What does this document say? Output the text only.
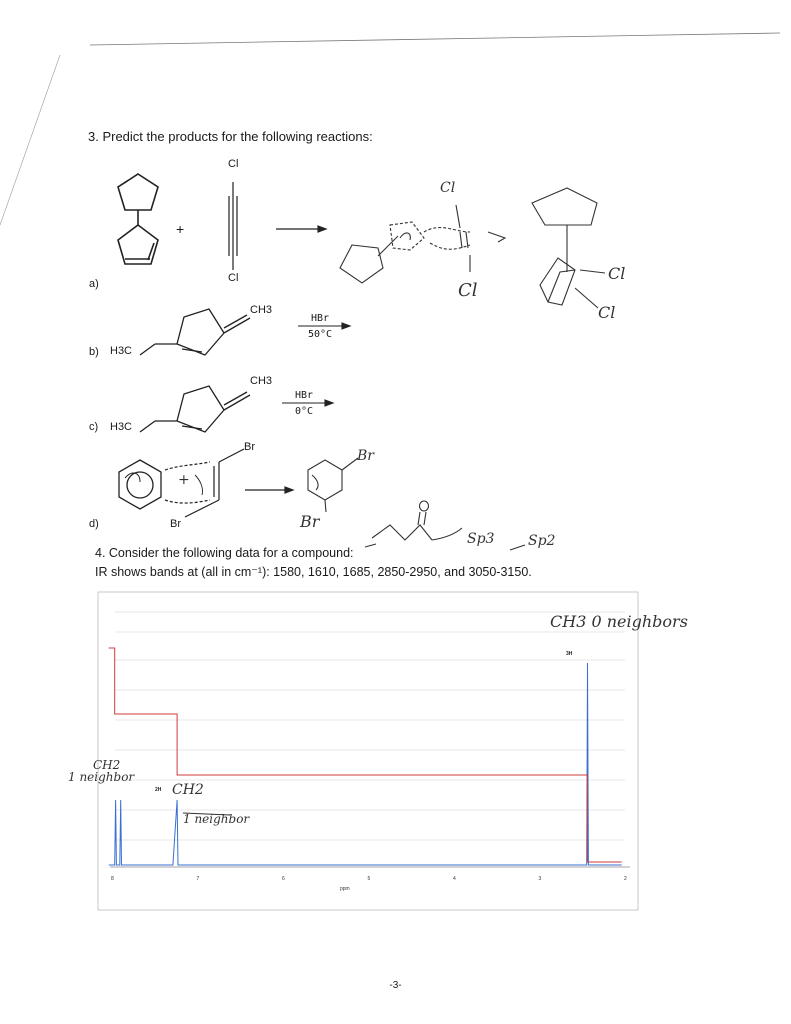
3. Predict the products for the following reactions:
a)
+
Cl
Cl
Cl
Cl
Cl
Cl
b) H3C
CH3
HBr
50°C
c) H3C
CH3
HBr
0°C
d)
Br
Br
+
Br
Br
4. Consider the following data for a compound:
IR shows bands at (all in cm⁻¹): 1580, 1610, 1685, 2850-2950, and 3050-3150.
Sp3 Sp2
CH3 0 neighbors
3H
2H
CH2
1 neighbor
CH2
1 neighbor
ppm
8	7	6	5	4	3	2
-3-
